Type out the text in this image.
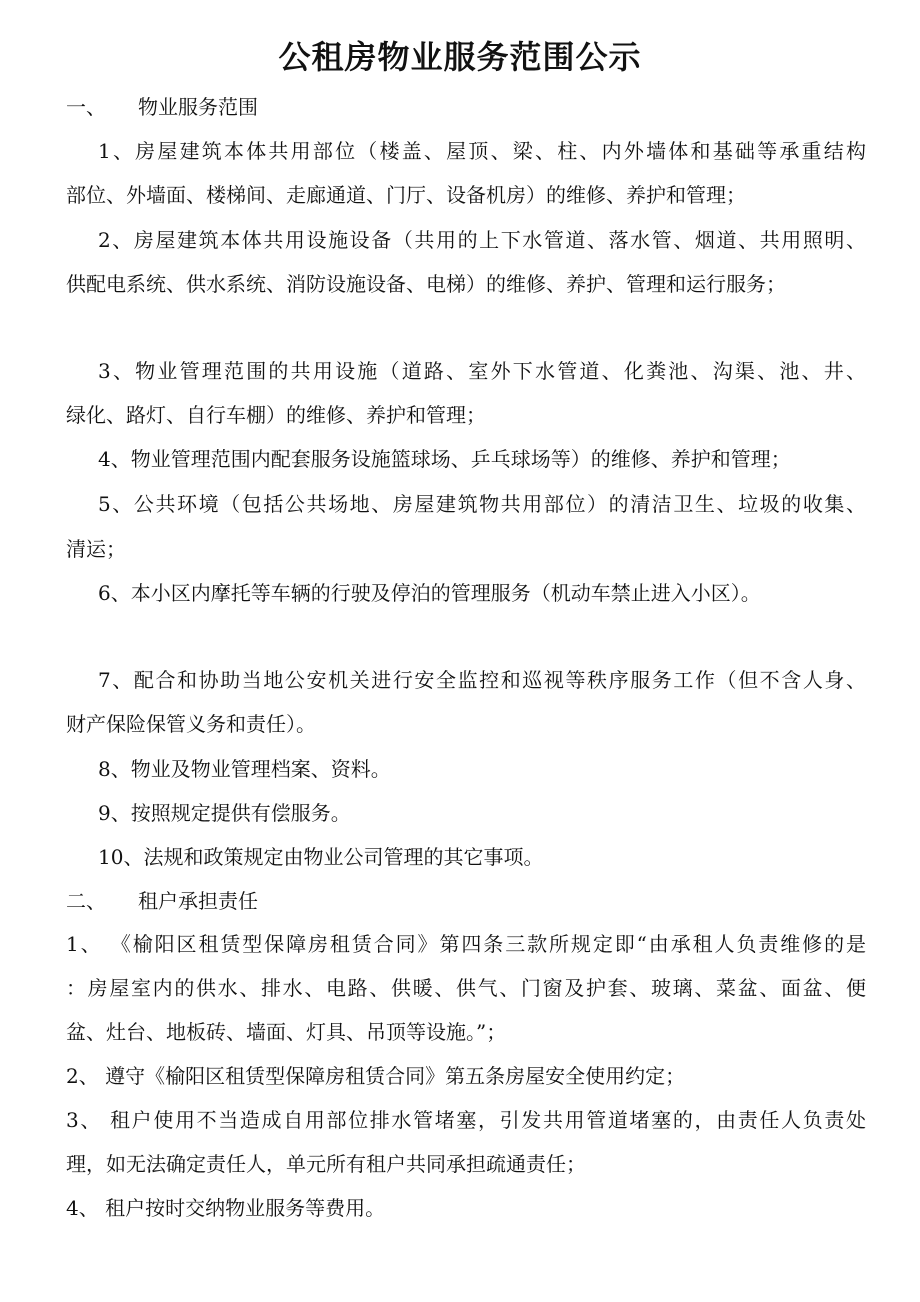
公租房物业服务范围公示
一、 物业服务范围
1、房屋建筑本体共用部位（楼盖、屋顶、梁、柱、内外墙体和基础等承重结构
部位、外墙面、楼梯间、走廊通道、门厅、设备机房）的维修、养护和管理；
2、房屋建筑本体共用设施设备（共用的上下水管道、落水管、烟道、共用照明、
供配电系统、供水系统、消防设施设备、电梯）的维修、养护、管理和运行服务；
3、物业管理范围的共用设施（道路、室外下水管道、化粪池、沟渠、池、井、
绿化、路灯、自行车棚）的维修、养护和管理；
4、物业管理范围内配套服务设施篮球场、乒乓球场等）的维修、养护和管理；
5、公共环境（包括公共场地、房屋建筑物共用部位）的清洁卫生、垃圾的收集、
清运；
6、本小区内摩托等车辆的行驶及停泊的管理服务（机动车禁止进入小区）。
7、配合和协助当地公安机关进行安全监控和巡视等秩序服务工作（但不含人身、
财产保险保管义务和责任）。
8、物业及物业管理档案、资料。
9、按照规定提供有偿服务。
10、法规和政策规定由物业公司管理的其它事项。
二、 租户承担责任
1、 《榆阳区租赁型保障房租赁合同》第四条三款所规定即“由承租人负责维修的是
：房屋室内的供水、排水、电路、供暖、供气、门窗及护套、玻璃、菜盆、面盆、便
盆、灶台、地板砖、墙面、灯具、吊顶等设施。”；
2、 遵守《榆阳区租赁型保障房租赁合同》第五条房屋安全使用约定；
3、 租户使用不当造成自用部位排水管堵塞，引发共用管道堵塞的，由责任人负责处
理，如无法确定责任人，单元所有租户共同承担疏通责任；
4、 租户按时交纳物业服务等费用。
